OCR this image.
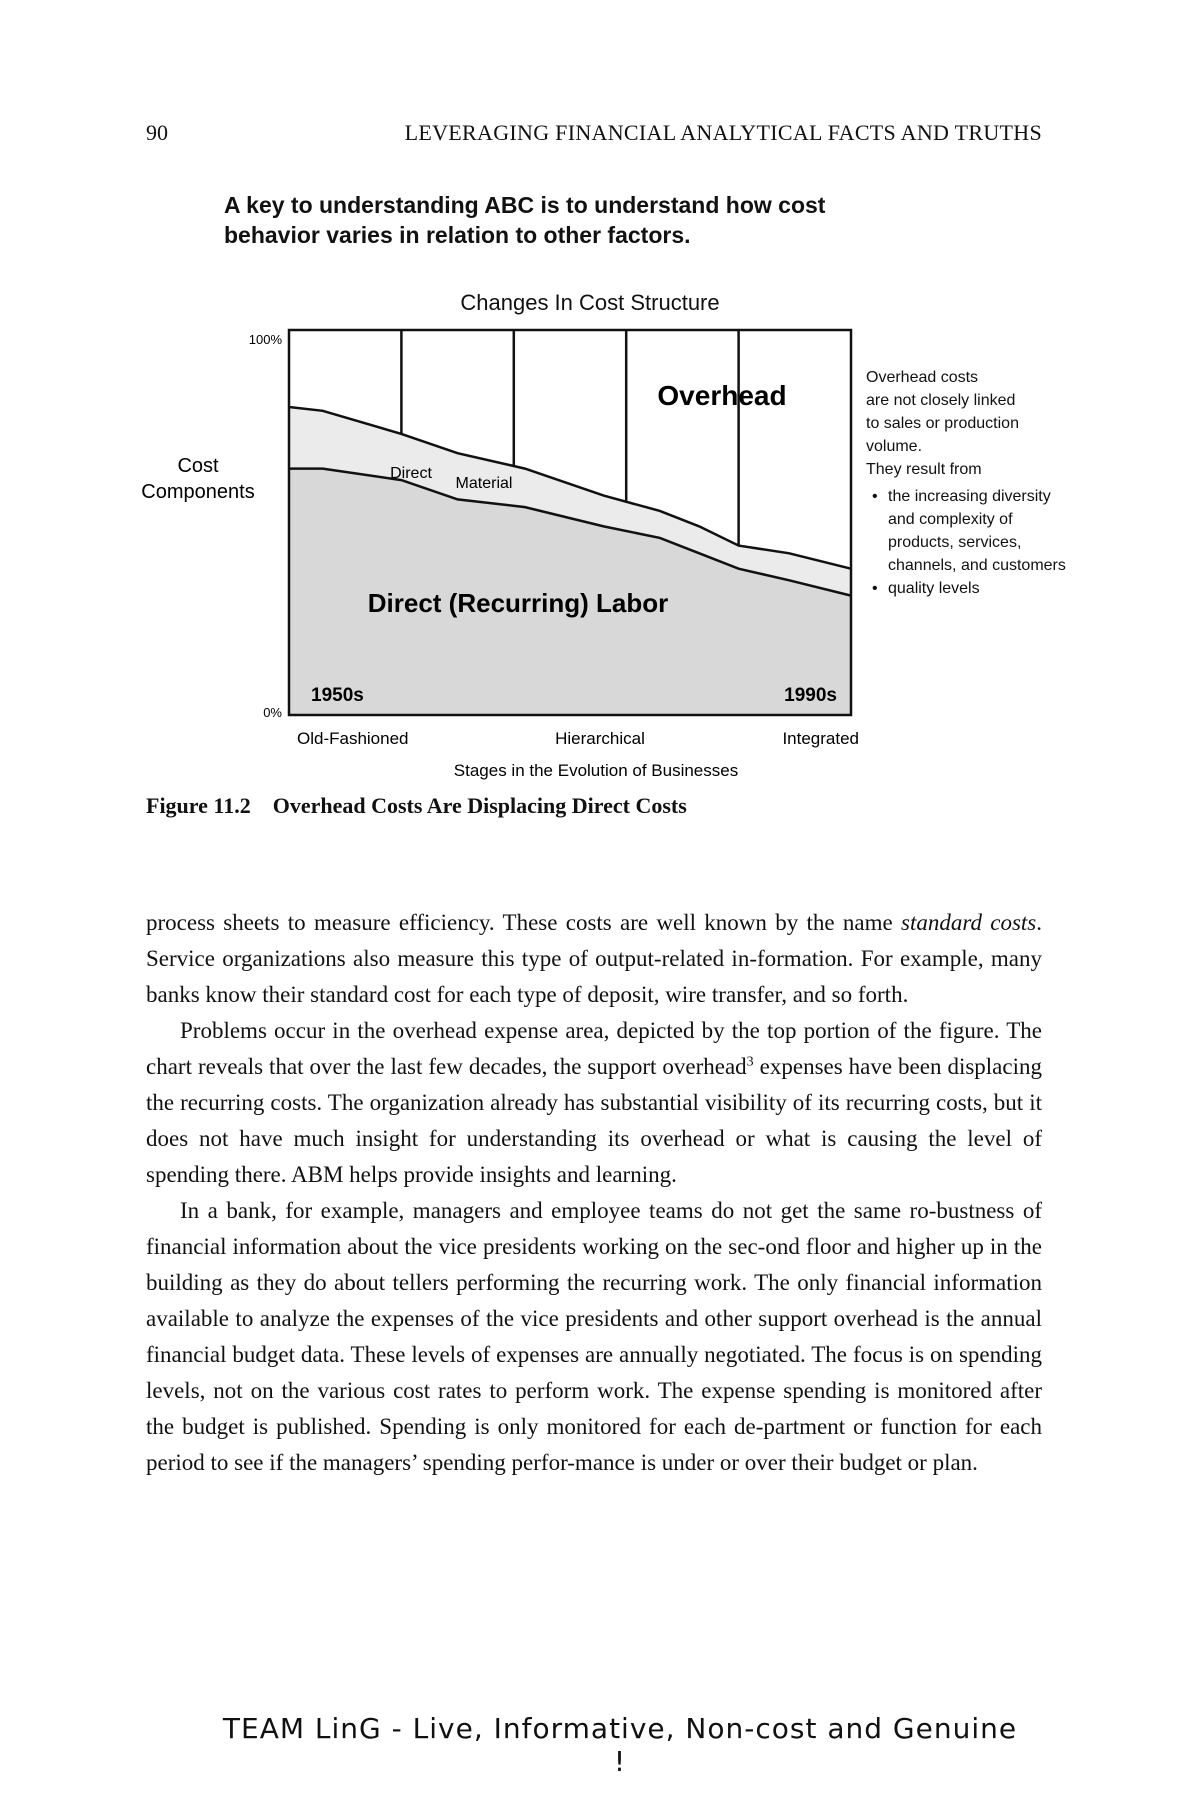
90	LEVERAGING FINANCIAL ANALYTICAL FACTS AND TRUTHS
A key to understanding ABC is to understand how cost behavior varies in relation to other factors.
Changes In Cost Structure
100%
0%
Cost
Components
Overhead
Direct
Material
Direct (Recurring) Labor
1950s	1990s
Old-Fashioned	Hierarchical	Integrated
Stages in the Evolution of Businesses
Overhead costs
are not closely linked
to sales or production
volume.
They result from
• the increasing diversity and complexity of products, services, channels, and customers
• quality levels
Figure 11.2 Overhead Costs Are Displacing Direct Costs

process sheets to measure efficiency. These costs are well known by the name standard costs. Service organizations also measure this type of output-related in-formation. For example, many banks know their standard cost for each type of deposit, wire transfer, and so forth.

Problems occur in the overhead expense area, depicted by the top portion of the figure. The chart reveals that over the last few decades, the support overhead$^3$ expenses have been displacing the recurring costs. The organization already has substantial visibility of its recurring costs, but it does not have much insight for understanding its overhead or what is causing the level of spending there. ABM helps provide insights and learning.

In a bank, for example, managers and employee teams do not get the same ro-bustness of financial information about the vice presidents working on the sec-ond floor and higher up in the building as they do about tellers performing the recurring work. The only financial information available to analyze the expenses of the vice presidents and other support overhead is the annual financial budget data. These levels of expenses are annually negotiated. The focus is on spending levels, not on the various cost rates to perform work. The expense spending is monitored after the budget is published. Spending is only monitored for each de-partment or function for each period to see if the managers’ spending perfor-mance is under or over their budget or plan.

TEAM LinG - Live, Informative, Non-cost and Genuine !
